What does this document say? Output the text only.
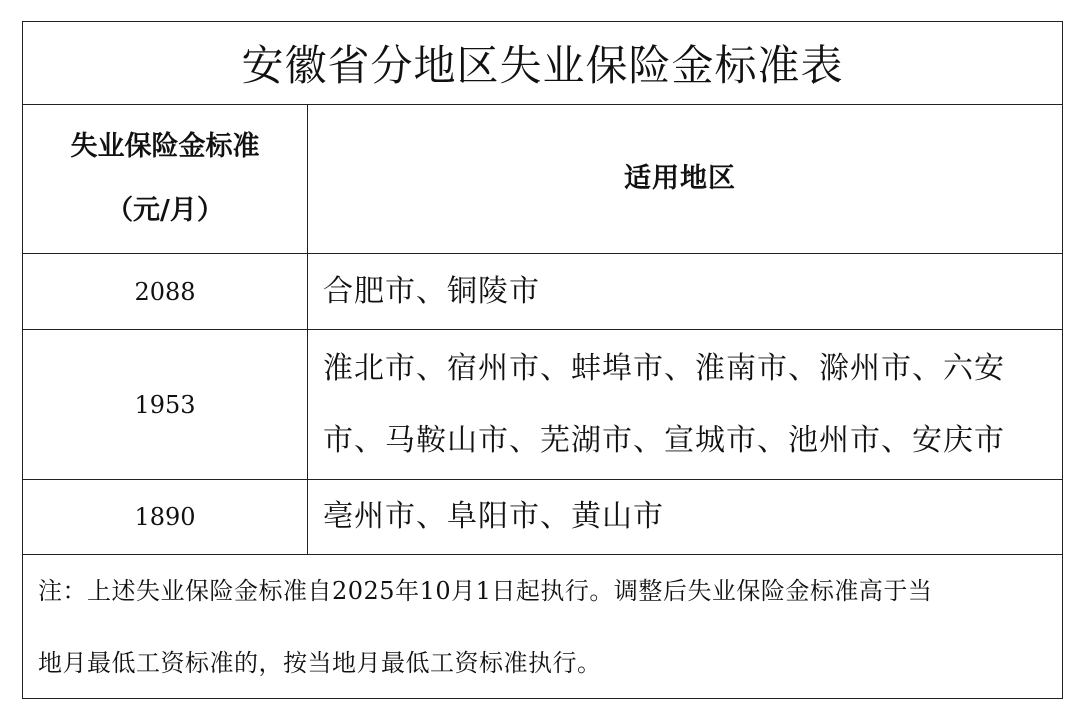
安徽省分地区失业保险金标准表
失业保险金标准
（元/月）	适用地区
2088	合肥市、铜陵市
1953	淮北市、宿州市、蚌埠市、淮南市、滁州市、六安
市、马鞍山市、芜湖市、宣城市、池州市、安庆市

1890	亳州市、阜阳市、黄山市
注：上述失业保险金标准自2025年10月1日起执行。调整后失业保险金标准高于当
地月最低工资标准的，按当地月最低工资标准执行。
